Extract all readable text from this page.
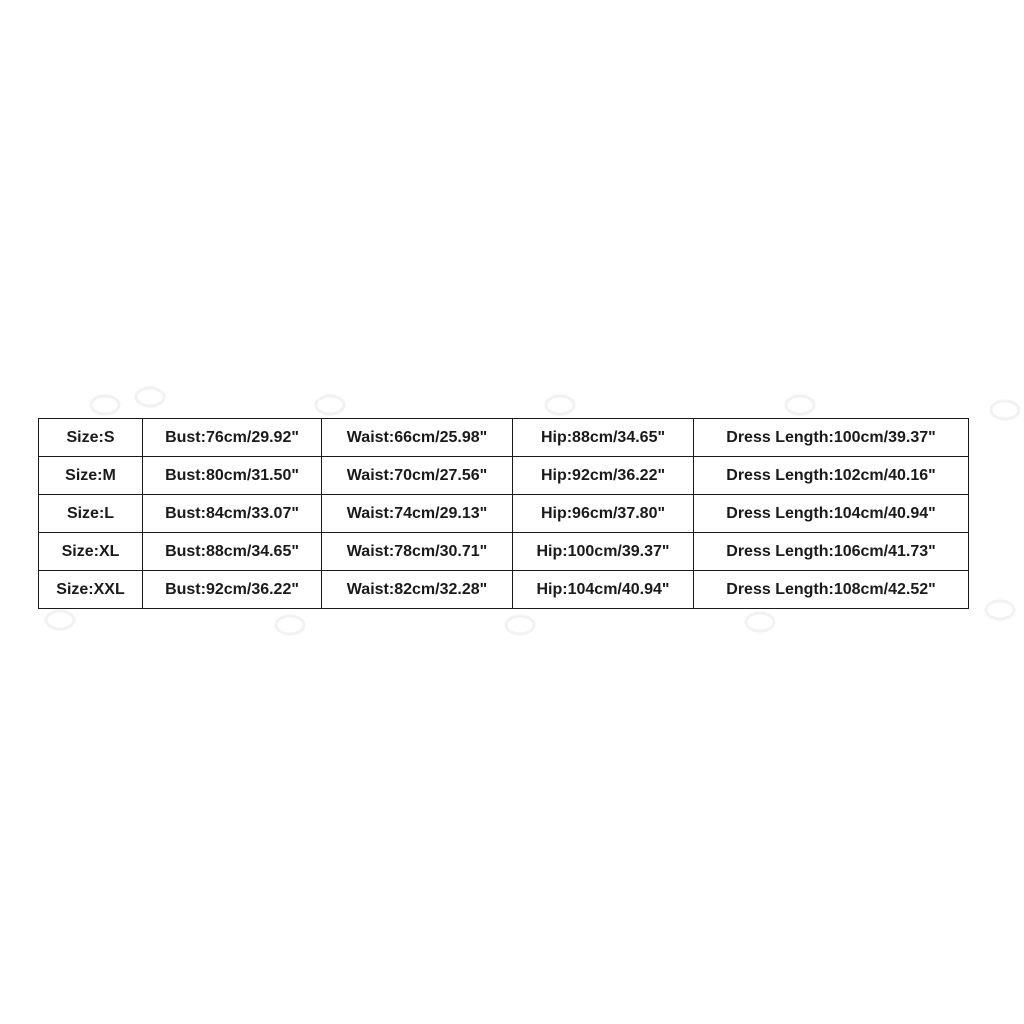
Size:S	Bust:76cm/29.92"	Waist:66cm/25.98"	Hip:88cm/34.65"	Dress Length:100cm/39.37"
Size:M	Bust:80cm/31.50"	Waist:70cm/27.56"	Hip:92cm/36.22"	Dress Length:102cm/40.16"
Size:L	Bust:84cm/33.07"	Waist:74cm/29.13"	Hip:96cm/37.80"	Dress Length:104cm/40.94"
Size:XL	Bust:88cm/34.65"	Waist:78cm/30.71"	Hip:100cm/39.37"	Dress Length:106cm/41.73"
Size:XXL	Bust:92cm/36.22"	Waist:82cm/32.28"	Hip:104cm/40.94"	Dress Length:108cm/42.52"
